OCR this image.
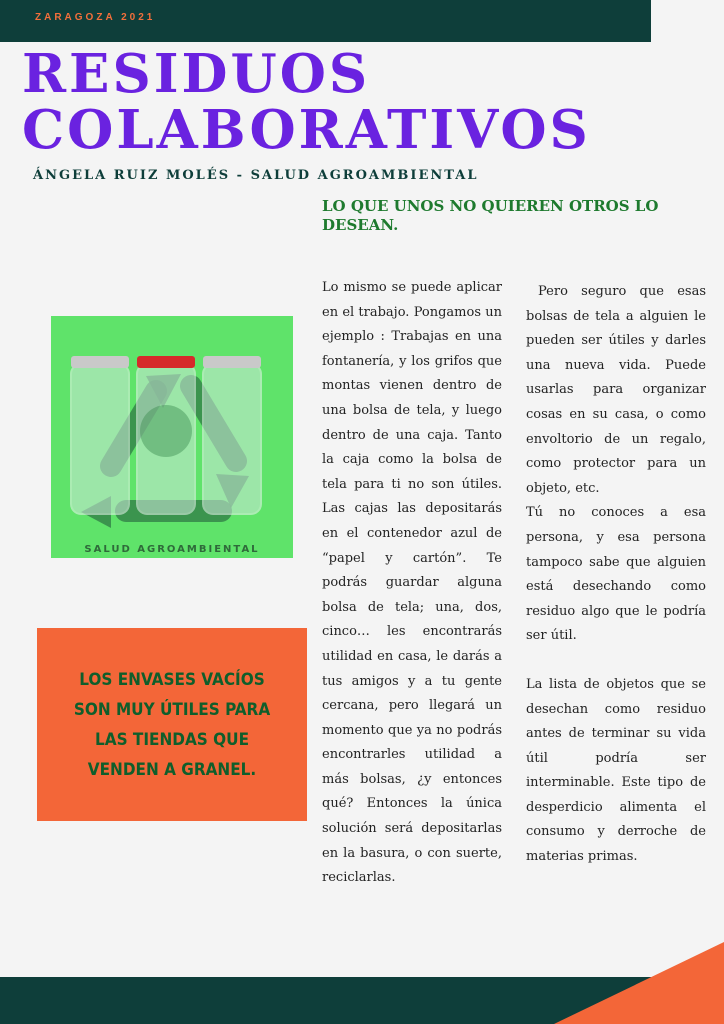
ZARAGOZA 2021
RESIDUOS
COLABORATIVOS
ÁNGELA RUIZ MOLÉS - SALUD AGROAMBIENTAL
LO QUE UNOS NO QUIEREN OTROS LO DESEAN.
SALUD AGROAMBIENTAL

LOS ENVASES VACÍOS SON MUY ÚTILES PARA LAS TIENDAS QUE VENDEN A GRANEL.

Lo mismo se puede aplicar en el trabajo. Pongamos un ejemplo : Trabajas en una fontanería, y los grifos que montas vienen dentro de una bolsa de tela, y luego dentro de una caja. Tanto la caja como la bolsa de tela para ti no son útiles. Las cajas las depositarás en el contenedor azul de “papel y cartón”. Te podrás guardar alguna bolsa de tela; una, dos, cinco… les encontrarás utilidad en casa, le darás a tus amigos y a tu gente cercana, pero llegará un momento que ya no podrás encontrarles utilidad a más bolsas, ¿y entonces qué? Entonces la única solución será depositarlas en la basura, o con suerte, reciclarlas.

Pero seguro que esas bolsas de tela a alguien le pueden ser útiles y darles una nueva vida. Puede usarlas para organizar cosas en su casa, o como envoltorio de un regalo, como protector para un objeto, etc.

Tú no conoces a esa persona, y esa persona tampoco sabe que alguien está desechando como residuo algo que le podría ser útil.

La lista de objetos que se desechan como residuo antes de terminar su vida útil podría ser interminable. Este tipo de desperdicio alimenta el consumo y derroche de materias primas.
